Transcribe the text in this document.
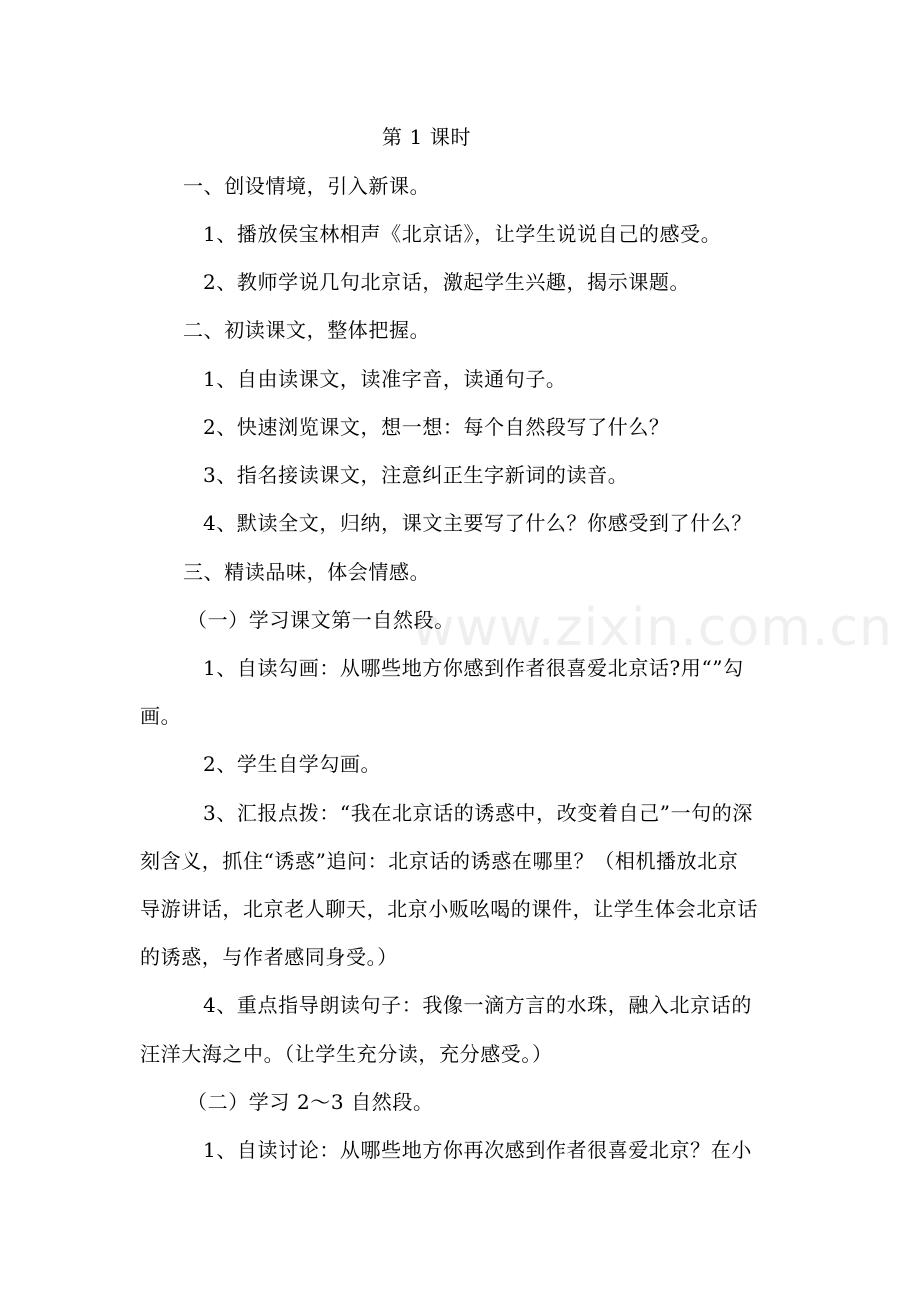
www.zixin.com.cn
第 1 课时
一、创设情境，引入新课。
1、播放侯宝林相声《北京话》，让学生说说自己的感受。
2、教师学说几句北京话，激起学生兴趣，揭示课题。
二、初读课文，整体把握。
1、自由读课文，读准字音，读通句子。
2、快速浏览课文，想一想：每个自然段写了什么？
3、指名接读课文，注意纠正生字新词的读音。
4、默读全文，归纳，课文主要写了什么？你感受到了什么？
三、精读品味，体会情感。
（一）学习课文第一自然段。
1、自读勾画：从哪些地方你感到作者很喜爱北京话?用“”勾
画。
2、学生自学勾画。
3、汇报点拨：“我在北京话的诱惑中，改变着自己”一句的深
刻含义，抓住“诱惑”追问：北京话的诱惑在哪里？（相机播放北京
导游讲话，北京老人聊天，北京小贩吆喝的课件，让学生体会北京话
的诱惑，与作者感同身受。）
4、重点指导朗读句子：我像一滴方言的水珠，融入北京话的
汪洋大海之中。（让学生充分读，充分感受。）
（二）学习 2～3 自然段。
1、自读讨论：从哪些地方你再次感到作者很喜爱北京？在小
